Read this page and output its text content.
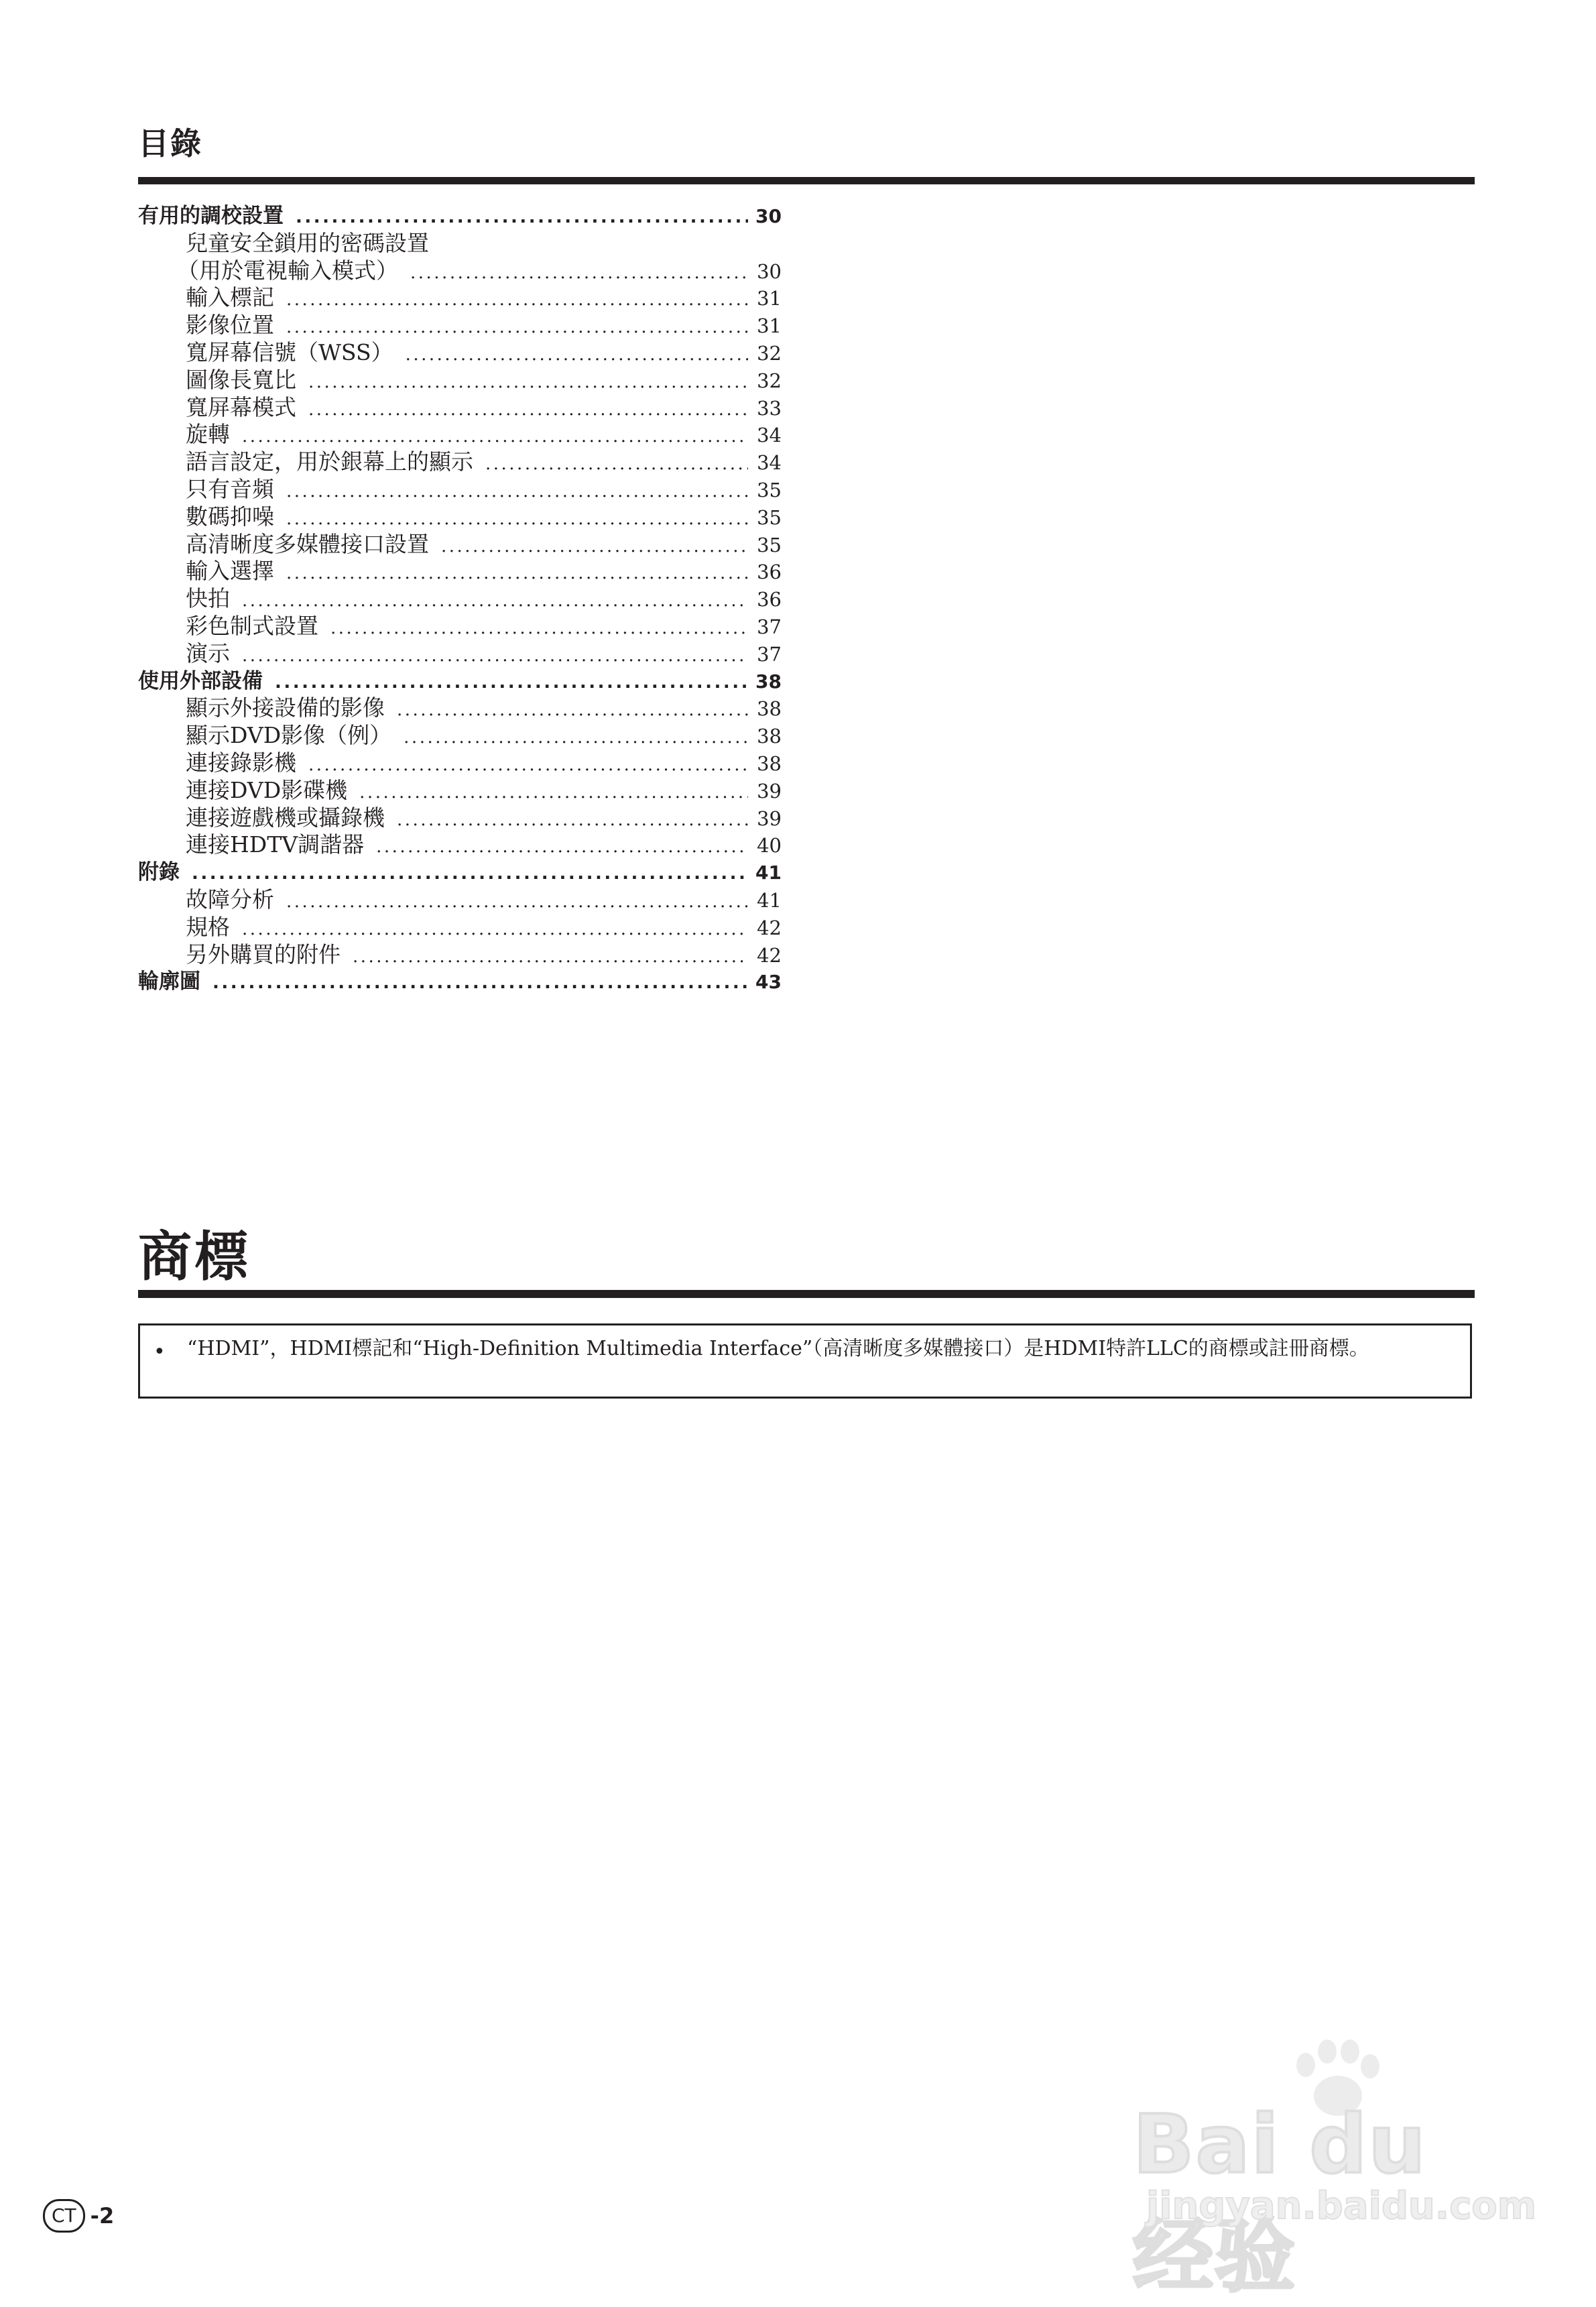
目錄
有用的調校設置 .....	30
兒童安全鎖用的密碼設置
（用於電視輸入模式） .....	30
輸入標記 .....	31
影像位置 .....	31
寬屏幕信號（WSS） .....	32
圖像長寬比 .....	32
寬屏幕模式 .....	33
旋轉 .....	34
語言設定，用於銀幕上的顯示 .....	34
只有音頻 .....	35
數碼抑噪 .....	35
高清晰度多媒體接口設置 .....	35
輸入選擇 .....	36
快拍 .....	36
彩色制式設置 .....	37
演示 .....	37
使用外部設備 .....	38
顯示外接設備的影像 .....	38
顯示DVD影像（例） .....	38
連接錄影機 .....	38
連接DVD影碟機 .....	39
連接遊戲機或攝錄機 .....	39
連接HDTV調諧器 .....	40
附錄 .....	41
故障分析 .....	41
規格 .....	42
另外購買的附件 .....	42
輪廓圖 .....	43
商標
• “HDMI”，HDMI標記和“High-Definition Multimedia Interface”（高清晰度多媒體接口）是HDMI特許LLC的商標或註冊商標。
Bai du 经验
jingyan.baidu.com
CT -2
